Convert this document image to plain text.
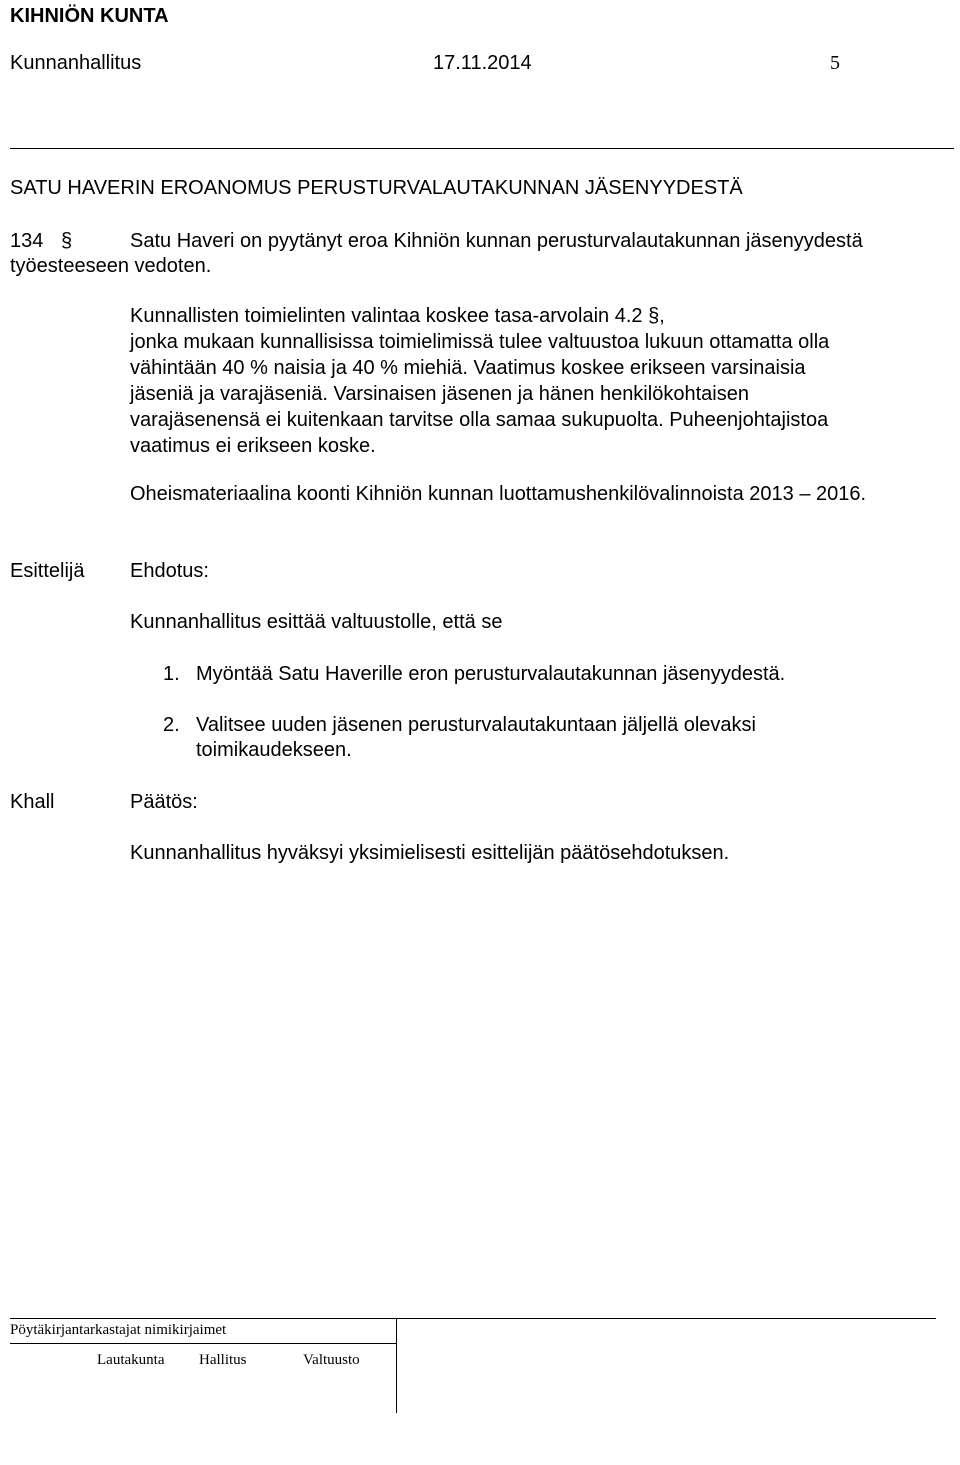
KIHNIÖN KUNTA
Kunnanhallitus	17.11.2014	5
SATU HAVERIN EROANOMUS PERUSTURVALAUTAKUNNAN JÄSENYYDESTÄ
134 §	Satu Haveri on pyytänyt eroa Kihniön kunnan perusturvalautakunnan jäsenyydestä
työesteeseen vedoten.
Kunnallisten toimielinten valintaa koskee tasa-arvolain 4.2 §,
jonka mukaan kunnallisissa toimielimissä tulee valtuustoa lukuun ottamatta olla
vähintään 40 % naisia ja 40 % miehiä. Vaatimus koskee erikseen varsinaisia
jäseniä ja varajäseniä. Varsinaisen jäsenen ja hänen henkilökohtaisen
varajäsenensä ei kuitenkaan tarvitse olla samaa sukupuolta. Puheenjohtajistoa
vaatimus ei erikseen koske.
Oheismateriaalina koonti Kihniön kunnan luottamushenkilövalinnoista 2013 – 2016.
Esittelijä Ehdotus:
Kunnanhallitus esittää valtuustolle, että se
1. Myöntää Satu Haverille eron perusturvalautakunnan jäsenyydestä.
2. Valitsee uuden jäsenen perusturvalautakuntaan jäljellä olevaksi
toimikaudekseen.
Khall	Päätös:
Kunnanhallitus hyväksyi yksimielisesti esittelijän päätösehdotuksen.
Pöytäkirjantarkastajat nimikirjaimet
Lautakunta Hallitus	Valtuusto
